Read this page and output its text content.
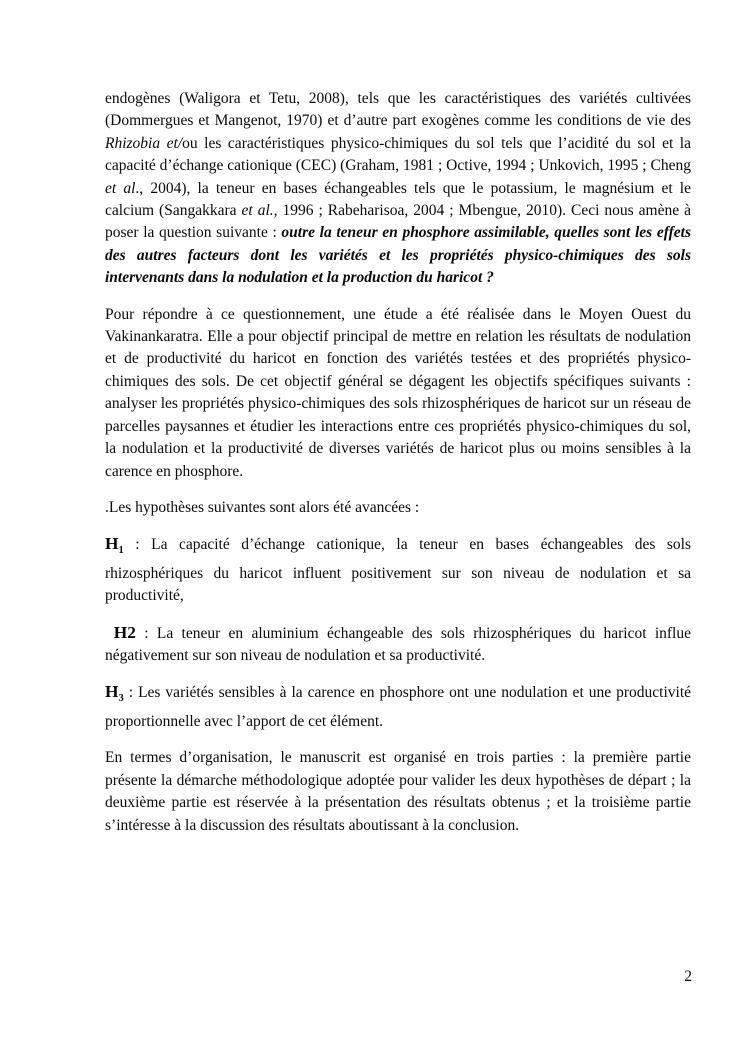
endogènes (Waligora et Tetu, 2008), tels que les caractéristiques des variétés cultivées (Dommergues et Mangenot, 1970) et d’autre part exogènes comme les conditions de vie des Rhizobia et/ou les caractéristiques physico-chimiques du sol tels que l’acidité du sol et la capacité d’échange cationique (CEC) (Graham, 1981 ; Octive, 1994 ; Unkovich, 1995 ; Cheng et al., 2004), la teneur en bases échangeables tels que le potassium, le magnésium et le calcium (Sangakkara et al., 1996 ; Rabeharisoa, 2004 ; Mbengue, 2010). Ceci nous amène à poser la question suivante : outre la teneur en phosphore assimilable, quelles sont les effets des autres facteurs dont les variétés et les propriétés physico-chimiques des sols intervenants dans la nodulation et la production du haricot ?

Pour répondre à ce questionnement, une étude a été réalisée dans le Moyen Ouest du Vakinankaratra. Elle a pour objectif principal de mettre en relation les résultats de nodulation et de productivité du haricot en fonction des variétés testées et des propriétés physico-chimiques des sols. De cet objectif général se dégagent les objectifs spécifiques suivants : analyser les propriétés physico-chimiques des sols rhizosphériques de haricot sur un réseau de parcelles paysannes et étudier les interactions entre ces propriétés physico-chimiques du sol, la nodulation et la productivité de diverses variétés de haricot plus ou moins sensibles à la carence en phosphore.

.Les hypothèses suivantes sont alors été avancées :

$H_1$ : La capacité d’échange cationique, la teneur en bases échangeables des sols rhizosphériques du haricot influent positivement sur son niveau de nodulation et sa productivité,

H2 : La teneur en aluminium échangeable des sols rhizosphériques du haricot influe négativement sur son niveau de nodulation et sa productivité.

$H_3$ : Les variétés sensibles à la carence en phosphore ont une nodulation et une productivité proportionnelle avec l’apport de cet élément.

En termes d’organisation, le manuscrit est organisé en trois parties : la première partie présente la démarche méthodologique adoptée pour valider les deux hypothèses de départ ; la deuxième partie est réservée à la présentation des résultats obtenus ; et la troisième partie s’intéresse à la discussion des résultats aboutissant à la conclusion.

2
